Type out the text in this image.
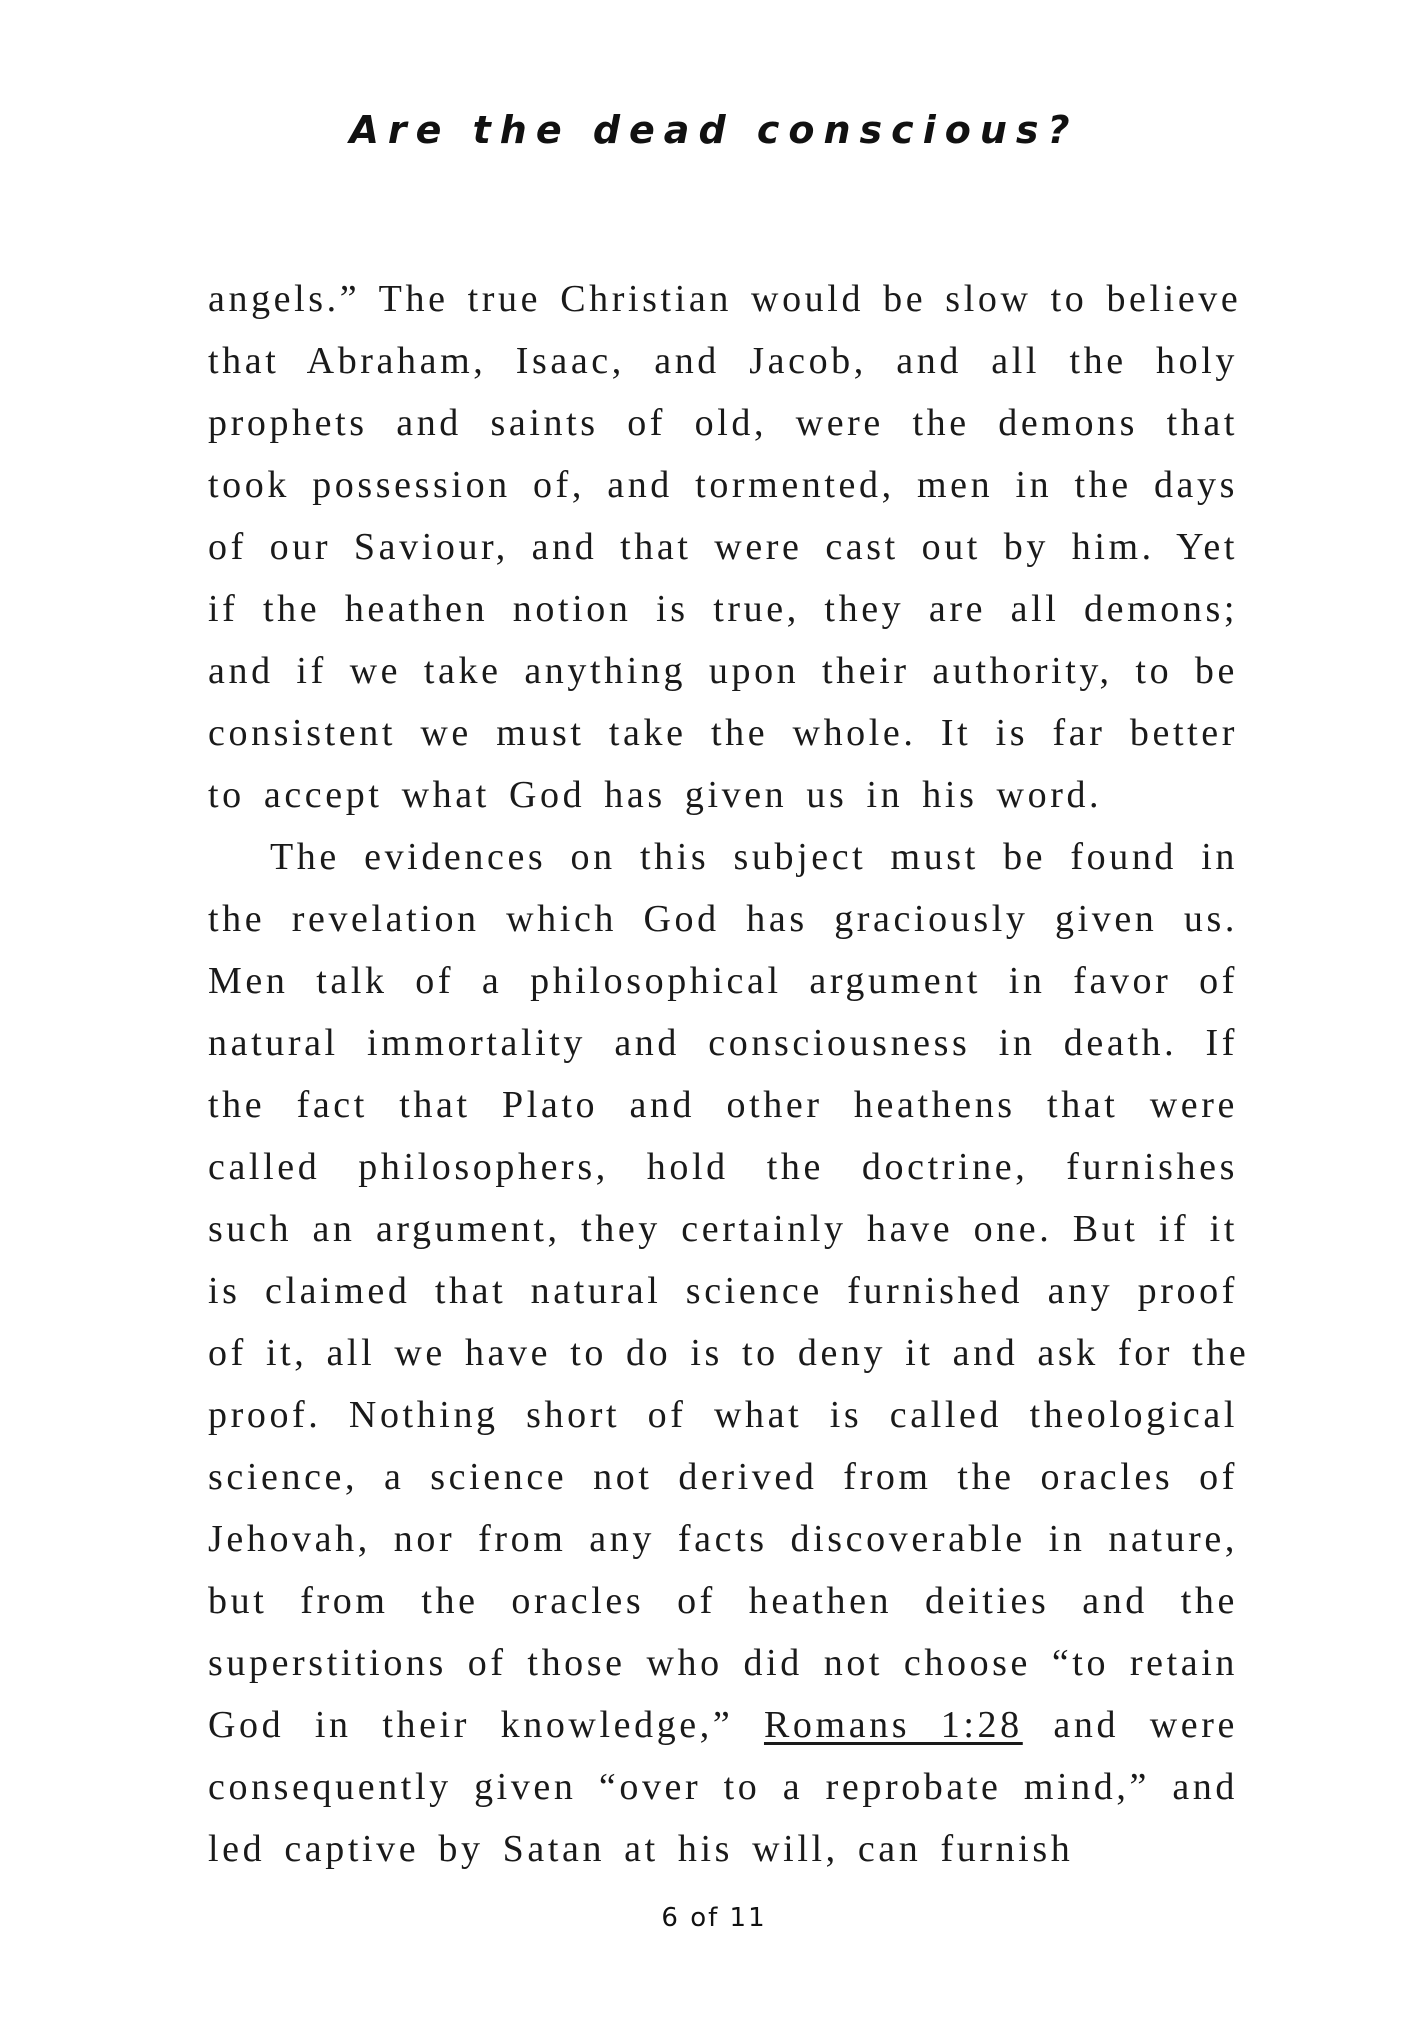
Are the dead conscious?
angels.” The true Christian would be slow to believe
that Abraham, Isaac, and Jacob, and all the holy
prophets and saints of old, were the demons that
took possession of, and tormented, men in the days
of our Saviour, and that were cast out by him. Yet
if the heathen notion is true, they are all demons;
and if we take anything upon their authority, to be
consistent we must take the whole. It is far better
to accept what God has given us in his word.
The evidences on this subject must be found in
the revelation which God has graciously given us.
Men talk of a philosophical argument in favor of
natural immortality and consciousness in death. If
the fact that Plato and other heathens that were
called philosophers, hold the doctrine, furnishes
such an argument, they certainly have one. But if it
is claimed that natural science furnished any proof
of it, all we have to do is to deny it and ask for the
proof. Nothing short of what is called theological
science, a science not derived from the oracles of
Jehovah, nor from any facts discoverable in nature,
but from the oracles of heathen deities and the
superstitions of those who did not choose “to retain
God in their knowledge,” Romans 1:28 and were
consequently given “over to a reprobate mind,” and
led captive by Satan at his will, can furnish
6 of 11
